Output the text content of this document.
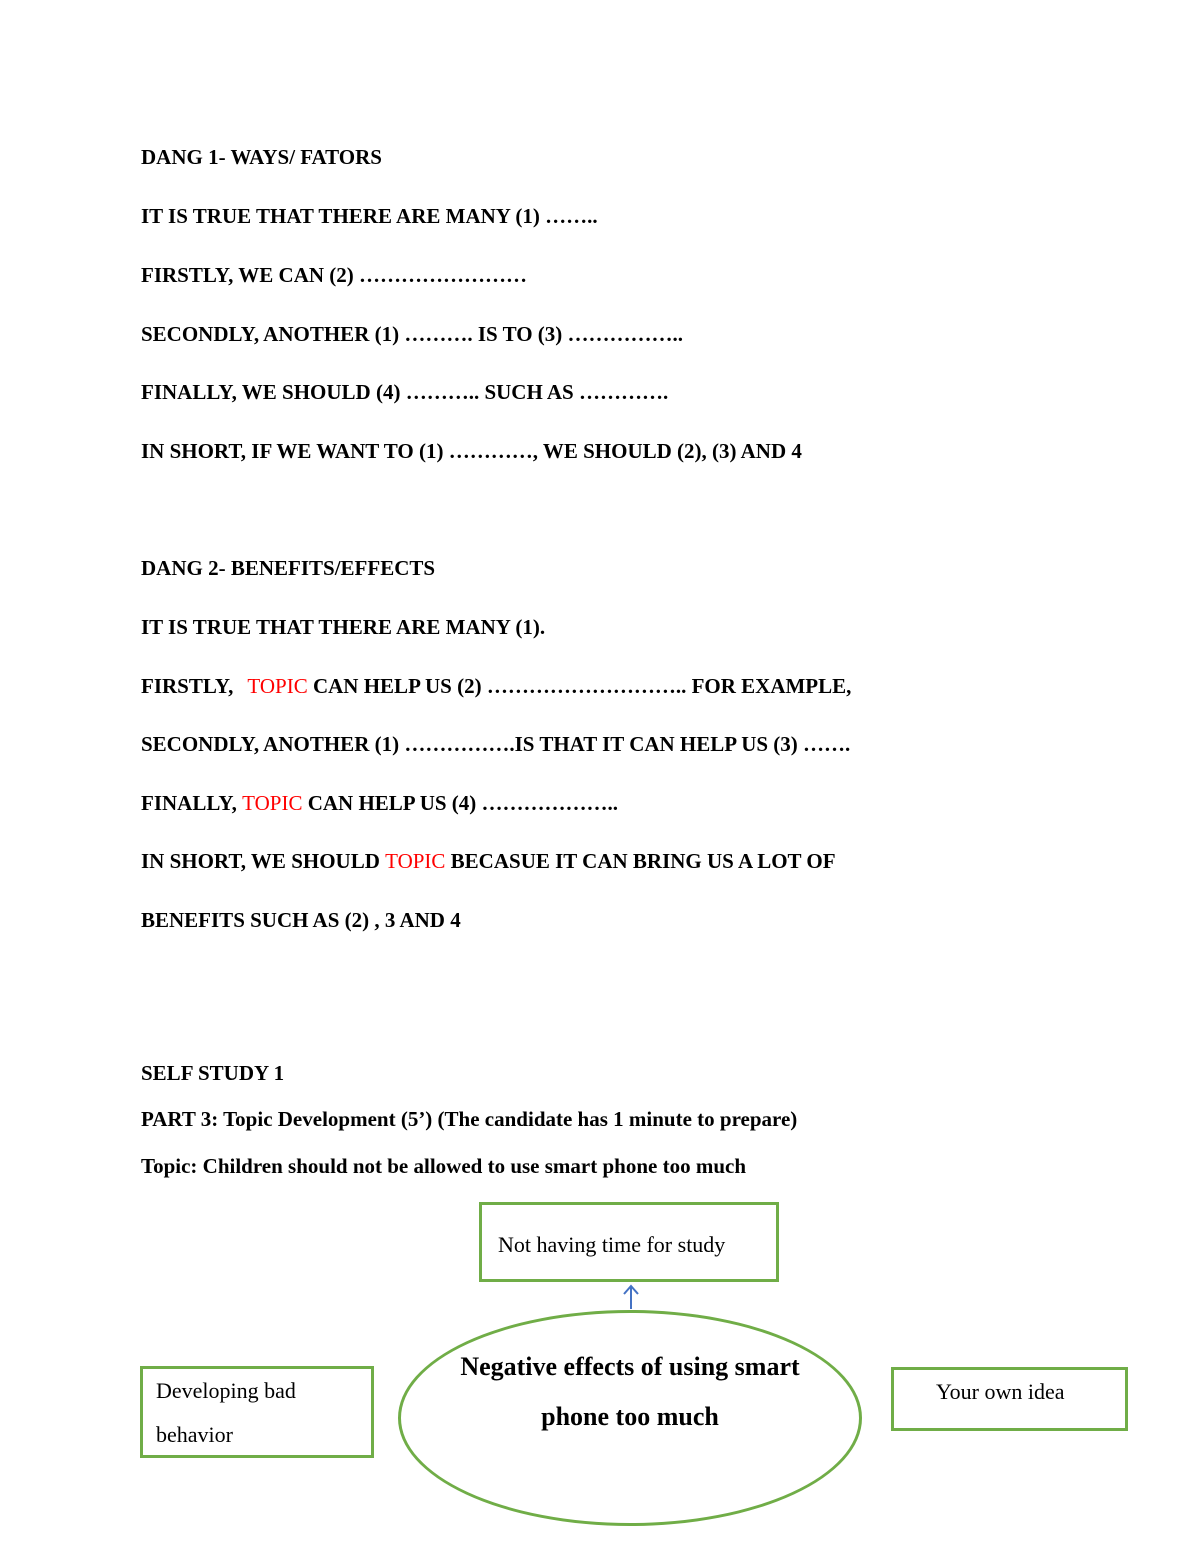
DANG 1- WAYS/ FATORS

IT IS TRUE THAT THERE ARE MANY (1) ……..

FIRSTLY, WE CAN (2) ……………………

SECONDLY, ANOTHER (1) ………. IS TO (3) ……………..

FINALLY, WE SHOULD (4) ……….. SUCH AS ………….

IN SHORT, IF WE WANT TO (1) …………, WE SHOULD (2), (3) AND 4

DANG 2- BENEFITS/EFFECTS

IT IS TRUE THAT THERE ARE MANY (1).

FIRSTLY, TOPIC CAN HELP US (2) ……………………….. FOR EXAMPLE,

SECONDLY, ANOTHER (1) …………….IS THAT IT CAN HELP US (3) …….

FINALLY, TOPIC CAN HELP US (4) ………………..

IN SHORT, WE SHOULD TOPIC BECASUE IT CAN BRING US A LOT OF

BENEFITS SUCH AS (2) , 3 AND 4

SELF STUDY 1

PART 3: Topic Development (5’) (The candidate has 1 minute to prepare)

Topic: Children should not be allowed to use smart phone too much

Not having time for study
Developing bad behavior
Negative effects of using smart phone too much
Your own idea
